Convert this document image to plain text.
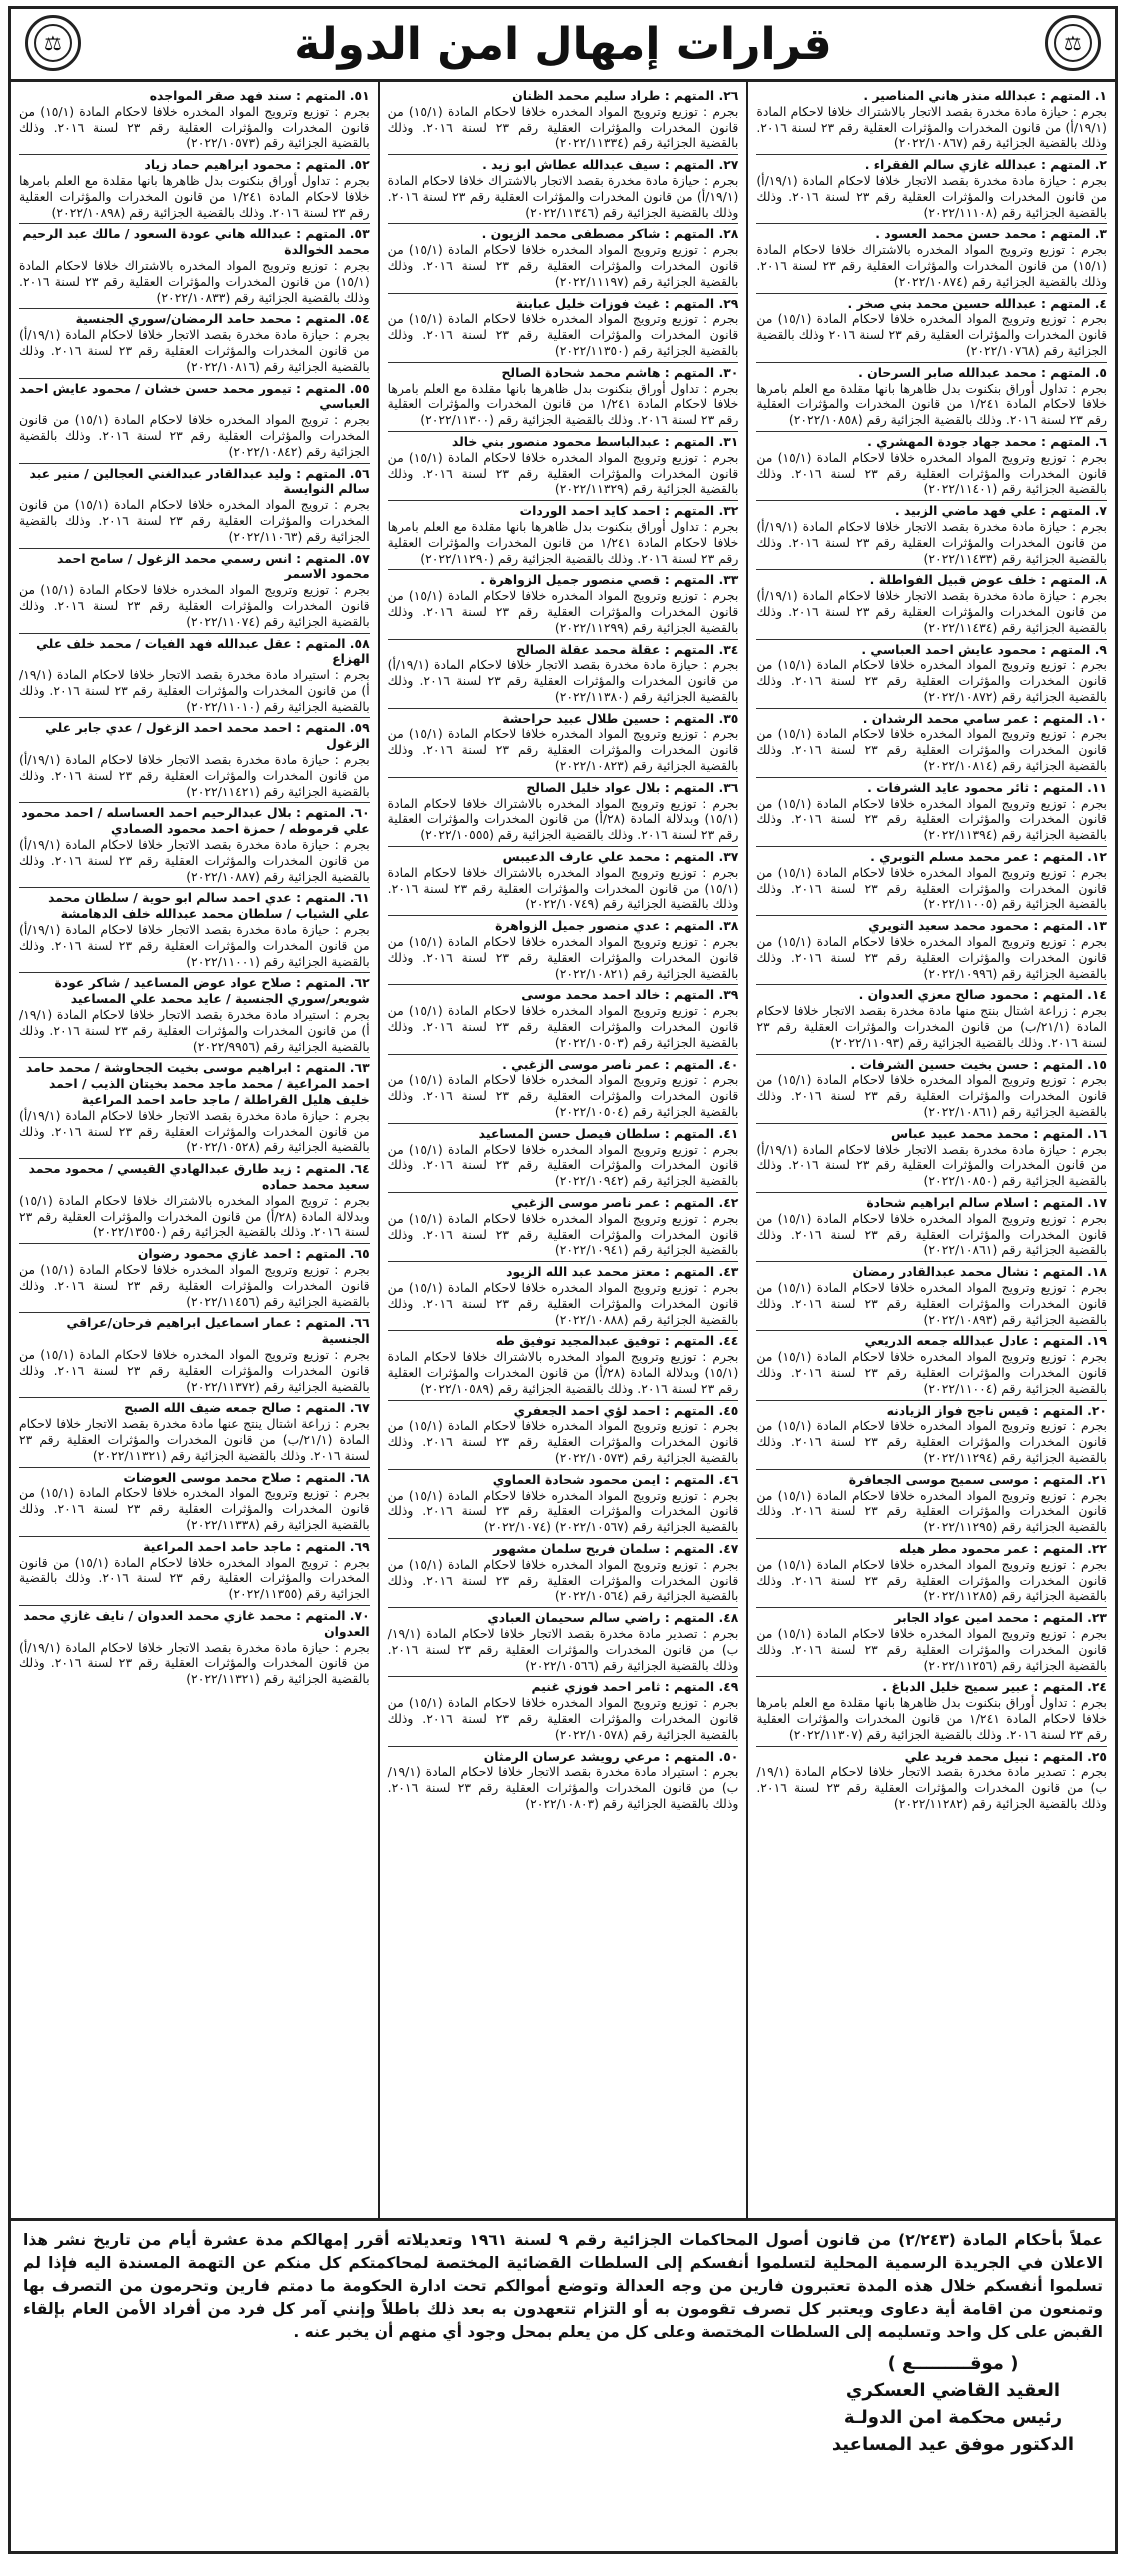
⚖
قرارات إمهال امن الدولة
⚖
١. المتهم : عبدالله منذر هاني المناصير .
بجرم : حيازة مادة مخدرة بقصد الاتجار بالاشتراك خلافا لاحكام المادة (١٩/١/أ) من قانون المخدرات والمؤثرات العقلية رقم ٢٣ لسنة ٢٠١٦. وذلك بالقضية الجزائية رقم (٢٠٢٢/١٠٨٦٧)
٢. المتهم : عبدالله غازي سالم الفقراء .
بجرم : حيازة مادة مخدرة بقصد الاتجار خلافا لاحكام المادة (١٩/١/أ) من قانون المخدرات والمؤثرات العقلية رقم ٢٣ لسنة ٢٠١٦. وذلك بالقضية الجزائية رقم (٢٠٢٢/١١١٠٨)
٣. المتهم : محمد حسن محمد العسود .
بجرم : توزيع وترويج المواد المخدره بالاشتراك خلافا لاحكام المادة (١٥/١) من قانون المخدرات والمؤثرات العقلية رقم ٢٣ لسنة ٢٠١٦. وذلك بالقضية الجزائية رقم (٢٠٢٢/١٠٨٧٤)
٤. المتهم : عبدالله حسين محمد بني صخر .
بجرم : توزيع وترويج المواد المخدره خلافا لاحكام المادة (١٥/١) من قانون المخدرات والمؤثرات العقلية رقم ٢٣ لسنة ٢٠١٦ وذلك بالقضية الجزائية رقم (٢٠٢٢/١٠٧٦٨)
٥. المتهم : محمد عبدالله صابر السرحان .
بجرم : تداول أوراق بنكنوت بدل ظاهرها بانها مقلدة مع العلم بامرها خلافا لاحكام المادة ١/٢٤١ من قانون المخدرات والمؤثرات العقلية رقم ٢٣ لسنة ٢٠١٦. وذلك بالقضية الجزائية رقم (٢٠٢٢/١٠٨٥٨)
٦. المتهم : محمد جهاد جودة المهشري .
بجرم : توزيع وترويج المواد المخدره خلافا لاحكام المادة (١٥/١) من قانون المخدرات والمؤثرات العقلية رقم ٢٣ لسنة ٢٠١٦. وذلك بالقضية الجزائية رقم (٢٠٢٢/١١٤٠١)
٧. المتهم : علي فهد ماضي الزبيد .
بجرم : حيازة مادة مخدرة بقصد الاتجار خلافا لاحكام المادة (١٩/١/أ) من قانون المخدرات والمؤثرات العقلية رقم ٢٣ لسنة ٢٠١٦. وذلك بالقضية الجزائية رقم (٢٠٢٢/١١٤٣٣)
٨. المتهم : خلف عوض قبيل الفواطلة .
بجرم : حيازة مادة مخدرة بقصد الاتجار خلافا لاحكام المادة (١٩/١/أ) من قانون المخدرات والمؤثرات العقلية رقم ٢٣ لسنة ٢٠١٦. وذلك بالقضية الجزائية رقم (٢٠٢٢/١١٤٣٤)
٩. المتهم : محمود عايش احمد العباسي .
بجرم : توزيع وترويج المواد المخدره خلافا لاحكام المادة (١٥/١) من قانون المخدرات والمؤثرات العقلية رقم ٢٣ لسنة ٢٠١٦. وذلك بالقضية الجزائية رقم (٢٠٢٢/١٠٨٧٢)
١٠. المتهم : عمر سامي محمد الرشدان .
بجرم : توزيع وترويج المواد المخدره خلافا لاحكام المادة (١٥/١) من قانون المخدرات والمؤثرات العقلية رقم ٢٣ لسنة ٢٠١٦. وذلك بالقضية الجزائية رقم (٢٠٢٢/١٠٨١٤)
١١. المتهم : ثائر محمود عايد الشرفات .
بجرم : توزيع وترويج المواد المخدره خلافا لاحكام المادة (١٥/١) من قانون المخدرات والمؤثرات العقلية رقم ٢٣ لسنة ٢٠١٦. وذلك بالقضية الجزائية رقم (٢٠٢٢/١١٣٩٤)
١٢. المتهم : عمر محمد مسلم التوبري .
بجرم : توزيع وترويج المواد المخدره خلافا لاحكام المادة (١٥/١) من قانون المخدرات والمؤثرات العقلية رقم ٢٣ لسنة ٢٠١٦. وذلك بالقضية الجزائية رقم (٢٠٢٢/١١٠٠٥)
١٣. المتهم : محمود محمد سعيد التويري
بجرم : توزيع وترويج المواد المخدره خلافا لاحكام المادة (١٥/١) من قانون المخدرات والمؤثرات العقلية رقم ٢٣ لسنة ٢٠١٦. وذلك بالقضية الجزائية رقم (٢٠٢٢/١٠٩٩٦)
١٤. المتهم : محمود صالح معزي العدوان .
بجرم : زراعة اشتال بنتج منها مادة مخدرة بقصد الاتجار خلافا لاحكام المادة (٢١/١/ب) من قانون المخدرات والمؤثرات العقلية رقم ٢٣ لسنة ٢٠١٦. وذلك بالقضية الجزائية رقم (٢٠٢٢/١١٠٩٣)
١٥. المتهم : حسن بخيت حسين الشرفات .
بجرم : توزيع وترويج المواد المخدره خلافا لاحكام المادة (١٥/١) من قانون المخدرات والمؤثرات العقلية رقم ٢٣ لسنة ٢٠١٦. وذلك بالقضية الجزائية رقم (٢٠٢٢/١٠٨٦١)
١٦. المتهم : محمد محمد عبيد عباس
بجرم : حيازة مادة مخدرة بقصد الاتجار خلافا لاحكام المادة (١٩/١/أ) من قانون المخدرات والمؤثرات العقلية رقم ٢٣ لسنة ٢٠١٦. وذلك بالقضية الجزائية رقم (٢٠٢٢/١٠٨٥٠)
١٧. المتهم : اسلام سالم ابراهيم شحادة
بجرم : توزيع وترويج المواد المخدره خلافا لاحكام المادة (١٥/١) من قانون المخدرات والمؤثرات العقلية رقم ٢٣ لسنة ٢٠١٦. وذلك بالقضية الجزائية رقم (٢٠٢٢/١٠٨٦١)
١٨. المتهم : نشال محمد عبدالقادر رمضان
بجرم : توزيع وترويج المواد المخدره خلافا لاحكام المادة (١٥/١) من قانون المخدرات والمؤثرات العقلية رقم ٢٣ لسنة ٢٠١٦. وذلك بالقضية الجزائية رقم (٢٠٢٢/١٠٨٩٣)
١٩. المتهم : عادل عبدالله جمعه الدريعي
بجرم : توزيع وترويج المواد المخدره خلافا لاحكام المادة (١٥/١) من قانون المخدرات والمؤثرات العقلية رقم ٢٣ لسنة ٢٠١٦. وذلك بالقضية الجزائية رقم (٢٠٢٢/١١٠٠٤)
٢٠. المتهم : قيس ناجح فواز الزيادنه
بجرم : توزيع وترويج المواد المخدره خلافا لاحكام المادة (١٥/١) من قانون المخدرات والمؤثرات العقلية رقم ٢٣ لسنة ٢٠١٦. وذلك بالقضية الجزائية رقم (٢٠٢٢/١١٢٩٤)
٢١. المتهم : موسى سميح موسى الجعافرة
بجرم : توزيع وترويج المواد المخدره خلافا لاحكام المادة (١٥/١) من قانون المخدرات والمؤثرات العقلية رقم ٢٣ لسنة ٢٠١٦. وذلك بالقضية الجزائية رقم (٢٠٢٢/١١٢٩٥)
٢٢. المتهم : عمر محمود مطر هيله
بجرم : توزيع وترويج المواد المخدره خلافا لاحكام المادة (١٥/١) من قانون المخدرات والمؤثرات العقلية رقم ٢٣ لسنة ٢٠١٦. وذلك بالقضية الجزائية رقم (٢٠٢٢/١١٢٨٥)
٢٣. المتهم : محمد امين عواد الجابر
بجرم : توزيع وترويج المواد المخدره خلافا لاحكام المادة (١٥/١) من قانون المخدرات والمؤثرات العقلية رقم ٢٣ لسنة ٢٠١٦. وذلك بالقضية الجزائية رقم (٢٠٢٢/١١٢٥٦)
٢٤. المتهم : عبير سميح خليل الدباغ .
بجرم : تداول أوراق بنكنوت بدل ظاهرها بانها مقلدة مع العلم بامرها خلافا لاحكام المادة ١/٢٤١ من قانون المخدرات والمؤثرات العقلية رقم ٢٣ لسنة ٢٠١٦. وذلك بالقضية الجزائية رقم (٢٠٢٢/١١٣٠٧)
٢٥. المتهم : نبيل محمد فريد علي
بجرم : تصدير مادة مخدرة بقصد الاتجار خلافا لاحكام المادة (١٩/١/ب) من قانون المخدرات والمؤثرات العقلية رقم ٢٣ لسنة ٢٠١٦. وذلك بالقضية الجزائية رقم (٢٠٢٢/١١٢٨٢)
٢٦. المتهم : طراد سليم محمد الظنان
بجرم : توزيع وترويج المواد المخدره خلافا لاحكام المادة (١٥/١) من قانون المخدرات والمؤثرات العقلية رقم ٢٣ لسنة ٢٠١٦. وذلك بالقضية الجزائية رقم (٢٠٢٢/١١٣٣٤)
٢٧. المتهم : سيف عبدالله عطاش ابو زيد .
بجرم : حيازة مادة مخدرة بقصد الاتجار بالاشتراك خلافا لاحكام المادة (١٩/١/أ) من قانون المخدرات والمؤثرات العقلية رقم ٢٣ لسنة ٢٠١٦. وذلك بالقضية الجزائية رقم (٢٠٢٢/١١٣٤٦)
٢٨. المتهم : شاكر مصطفى محمد الزيون .
بجرم : توزيع وترويج المواد المخدره خلافا لاحكام المادة (١٥/١) من قانون المخدرات والمؤثرات العقلية رقم ٢٣ لسنة ٢٠١٦. وذلك بالقضية الجزائية رقم (٢٠٢٢/١١١٩٧)
٢٩. المتهم : غيث فوزات خليل عبابنة
بجرم : توزيع وترويج المواد المخدره خلافا لاحكام المادة (١٥/١) من قانون المخدرات والمؤثرات العقلية رقم ٢٣ لسنة ٢٠١٦. وذلك بالقضية الجزائية رقم (٢٠٢٢/١١٣٥٠)
٣٠. المتهم : هاشم محمد شحادة الصالح
بجرم : تداول أوراق بنكنوت بدل ظاهرها بانها مقلدة مع العلم بامرها خلافا لاحكام المادة ١/٢٤١ من قانون المخدرات والمؤثرات العقلية رقم ٢٣ لسنة ٢٠١٦. وذلك بالقضية الجزائية رقم (٢٠٢٢/١١٣٠٠)
٣١. المتهم : عبدالباسط محمود منصور بني خالد
بجرم : توزيع وترويج المواد المخدره خلافا لاحكام المادة (١٥/١) من قانون المخدرات والمؤثرات العقلية رقم ٢٣ لسنة ٢٠١٦. وذلك بالقضية الجزائية رقم (٢٠٢٢/١١٣٢٩)
٣٢. المتهم : احمد كايد احمد الوردات
بجرم : تداول أوراق بنكنوت بدل ظاهرها بانها مقلدة مع العلم بامرها خلافا لاحكام المادة ١/٢٤١ من قانون المخدرات والمؤثرات العقلية رقم ٢٣ لسنة ٢٠١٦. وذلك بالقضية الجزائية رقم (٢٠٢٢/١١٢٩٠)
٣٣. المتهم : قصي منصور جميل الزواهرة .
بجرم : توزيع وترويج المواد المخدره خلافا لاحكام المادة (١٥/١) من قانون المخدرات والمؤثرات العقلية رقم ٢٣ لسنة ٢٠١٦. وذلك بالقضية الجزائية رقم (٢٠٢٢/١١٢٩٩)
٣٤. المتهم : عقلة محمد عقلة الصالح
بجرم : حيازة مادة مخدرة بقصد الاتجار خلافا لاحكام المادة (١٩/١/أ) من قانون المخدرات والمؤثرات العقلية رقم ٢٣ لسنة ٢٠١٦. وذلك بالقضية الجزائية رقم (٢٠٢٢/١١٣٨٠)
٣٥. المتهم : حسين طلال عبيد حراحشة
بجرم : توزيع وترويج المواد المخدره خلافا لاحكام المادة (١٥/١) من قانون المخدرات والمؤثرات العقلية رقم ٢٣ لسنة ٢٠١٦. وذلك بالقضية الجزائية رقم (٢٠٢٢/١٠٨٢٣)
٣٦. المتهم : بلال عواد خليل الصالح
بجرم : توزيع وترويج المواد المخدره بالاشتراك خلافا لاحكام المادة (١٥/١) وبدلالة المادة (٢٨/أ) من قانون المخدرات والمؤثرات العقلية رقم ٢٣ لسنة ٢٠١٦. وذلك بالقضية الجزائية رقم (٢٠٢٢/١٠٥٥٥)
٣٧. المتهم : محمد علي عارف الدعيبس
بجرم : توزيع وترويج المواد المخدره بالاشتراك خلافا لاحكام المادة (١٥/١) من قانون المخدرات والمؤثرات العقلية رقم ٢٣ لسنة ٢٠١٦. وذلك بالقضية الجزائية رقم (٢٠٢٢/١٠٧٤٩)
٣٨. المتهم : عدي منصور جميل الزواهرة
بجرم : توزيع وترويج المواد المخدره خلافا لاحكام المادة (١٥/١) من قانون المخدرات والمؤثرات العقلية رقم ٢٣ لسنة ٢٠١٦. وذلك بالقضية الجزائية رقم (٢٠٢٢/١٠٨٢١)
٣٩. المتهم : خالد احمد محمد موسى
بجرم : توزيع وترويج المواد المخدره خلافا لاحكام المادة (١٥/١) من قانون المخدرات والمؤثرات العقلية رقم ٢٣ لسنة ٢٠١٦. وذلك بالقضية الجزائية رقم (٢٠٢٢/١٠٥٠٣)
٤٠. المتهم : عمر ناصر موسى الزغبي .
بجرم : توزيع وترويج المواد المخدره خلافا لاحكام المادة (١٥/١) من قانون المخدرات والمؤثرات العقلية رقم ٢٣ لسنة ٢٠١٦. وذلك بالقضية الجزائية رقم (٢٠٢٢/١٠٥٠٤)
٤١. المتهم : سلطان فيصل حسن المساعيد
بجرم : توزيع وترويج المواد المخدره خلافا لاحكام المادة (١٥/١) من قانون المخدرات والمؤثرات العقلية رقم ٢٣ لسنة ٢٠١٦. وذلك بالقضية الجزائية رقم (٢٠٢٢/١٠٩٤٢)
٤٢. المتهم : عمر ناصر موسى الزغبي
بجرم : توزيع وترويج المواد المخدره خلافا لاحكام المادة (١٥/١) من قانون المخدرات والمؤثرات العقلية رقم ٢٣ لسنة ٢٠١٦. وذلك بالقضية الجزائية رقم (٢٠٢٢/١٠٩٤١)
٤٣. المتهم : معتز محمد عبد الله الزيود
بجرم : توزيع وترويج المواد المخدره خلافا لاحكام المادة (١٥/١) من قانون المخدرات والمؤثرات العقلية رقم ٢٣ لسنة ٢٠١٦. وذلك بالقضية الجزائية رقم (٢٠٢٢/١٠٨٨٨)
٤٤. المتهم : توفيق عبدالمجيد توفيق طه
بجرم : توزيع وترويج المواد المخدره بالاشتراك خلافا لاحكام المادة (١٥/١) وبدلالة المادة (٢٨/أ) من قانون المخدرات والمؤثرات العقلية رقم ٢٣ لسنة ٢٠١٦. وذلك بالقضية الجزائية رقم (٢٠٢٢/١٠٥٨٩)
٤٥. المتهم : احمد لؤي احمد الجعفري
بجرم : توزيع وترويج المواد المخدره خلافا لاحكام المادة (١٥/١) من قانون المخدرات والمؤثرات العقلية رقم ٢٣ لسنة ٢٠١٦. وذلك بالقضية الجزائية رقم (٢٠٢٢/١٠٥٧٣)
٤٦. المتهم : ايمن محمود شحادة العماوي
بجرم : توزيع وترويج المواد المخدره خلافا لاحكام المادة (١٥/١) من قانون المخدرات والمؤثرات العقلية رقم ٢٣ لسنة ٢٠١٦. وذلك بالقضية الجزائية رقم (٢٠٢٢/١٠٥٦٧) (٢٠٢٢/١٠٧٤)
٤٧. المتهم : سلمان فريح سلمان مشهور
بجرم : توزيع وترويج المواد المخدره خلافا لاحكام المادة (١٥/١) من قانون المخدرات والمؤثرات العقلية رقم ٢٣ لسنة ٢٠١٦. وذلك بالقضية الجزائية رقم (٢٠٢٢/١٠٥٦٤)
٤٨. المتهم : راضي سالم سحيمان العبادي
بجرم : تصدير مادة مخدرة بقصد الاتجار خلافا لاحكام المادة (١٩/١/ب) من قانون المخدرات والمؤثرات العقلية رقم ٢٣ لسنة ٢٠١٦. وذلك بالقضية الجزائية رقم (٢٠٢٢/١٠٥٦٦)
٤٩. المتهم : ثامر احمد فوزي غنيم
بجرم : توزيع وترويج المواد المخدره خلافا لاحكام المادة (١٥/١) من قانون المخدرات والمؤثرات العقلية رقم ٢٣ لسنة ٢٠١٦. وذلك بالقضية الجزائية رقم (٢٠٢٢/١٠٥٧٨)
٥٠. المتهم : مرعي رويشد عرسان الرمثان
بجرم : استيراد مادة مخدرة بقصد الاتجار خلافا لاحكام المادة (١٩/١/ب) من قانون المخدرات والمؤثرات العقلية رقم ٢٣ لسنة ٢٠١٦. وذلك بالقضية الجزائية رقم (٢٠٢٢/١٠٨٠٣)
٥١. المتهم : سند فهد صقر المواجده
بجرم : توزيع وترويج المواد المخدره خلافا لاحكام المادة (١٥/١) من قانون المخدرات والمؤثرات العقلية رقم ٢٣ لسنة ٢٠١٦. وذلك بالقضية الجزائية رقم (٢٠٢٢/١٠٥٧٣)
٥٢. المتهم : محمود ابراهيم حماد زياد
بجرم : تداول أوراق بنكنوت بدل ظاهرها بانها مقلدة مع العلم بامرها خلافا لاحكام المادة ١/٢٤١ من قانون المخدرات والمؤثرات العقلية رقم ٢٣ لسنة ٢٠١٦. وذلك بالقضية الجزائية رقم (٢٠٢٢/١٠٨٩٨)
٥٣. المتهم : عبدالله هاني عودة السعود / مالك عبد الرحيم محمد الخوالدة
بجرم : توزيع وترويج المواد المخدره بالاشتراك خلافا لاحكام المادة (١٥/١) من قانون المخدرات والمؤثرات العقلية رقم ٢٣ لسنة ٢٠١٦. وذلك بالقضية الجزائية رقم (٢٠٢٢/١٠٨٣٣)
٥٤. المتهم : محمد حامد الرمضان/سوري الجنسية
بجرم : حيازة مادة مخدرة بقصد الاتجار خلافا لاحكام المادة (١٩/١/أ) من قانون المخدرات والمؤثرات العقلية رقم ٢٣ لسنة ٢٠١٦. وذلك بالقضية الجزائية رقم (٢٠٢٢/١٠٨١٦)
٥٥. المتهم : تيمور محمد حسن خشان / محمود عايش احمد العباسي
بجرم : ترويج المواد المخدره خلافا لاحكام المادة (١٥/١) من قانون المخدرات والمؤثرات العقلية رقم ٢٣ لسنة ٢٠١٦. وذلك بالقضية الجزائية رقم (٢٠٢٢/١٠٨٤٢)
٥٦. المتهم : وليد عبدالقادر عبدالغني العجالين / منير عبد سالم النوايسة
بجرم : ترويج المواد المخدره خلافا لاحكام المادة (١٥/١) من قانون المخدرات والمؤثرات العقلية رقم ٢٣ لسنة ٢٠١٦. وذلك بالقضية الجزائية رقم (٢٠٢٢/١١٠٦٣)
٥٧. المتهم : انس رسمي محمد الزغول / سامح احمد محمود الاسمر
بجرم : توزيع وترويج المواد المخدره خلافا لاحكام المادة (١٥/١) من قانون المخدرات والمؤثرات العقلية رقم ٢٣ لسنة ٢٠١٦. وذلك بالقضية الجزائية رقم (٢٠٢٢/١١٠٧٤)
٥٨. المتهم : عقل عبدالله فهد الفيات / محمد خلف علي الهزاع
بجرم : استيراد مادة مخدرة بقصد الاتجار خلافا لاحكام المادة (١٩/١/أ) من قانون المخدرات والمؤثرات العقلية رقم ٢٣ لسنة ٢٠١٦. وذلك بالقضية الجزائية رقم (٢٠٢٢/١١٠١٠)
٥٩. المتهم : احمد محمد احمد الزغول / عدي جابر علي الزغول
بجرم : حيازة مادة مخدرة بقصد الاتجار خلافا لاحكام المادة (١٩/١/أ) من قانون المخدرات والمؤثرات العقلية رقم ٢٣ لسنة ٢٠١٦. وذلك بالقضية الجزائية رقم (٢٠٢٢/١١٤٢١)
٦٠. المتهم : بلال عبدالرحيم احمد العساسله / احمد محمود علي قرموطه / حمزة احمد محمود الصمادي
بجرم : حيازة مادة مخدرة بقصد الاتجار خلافا لاحكام المادة (١٩/١/أ) من قانون المخدرات والمؤثرات العقلية رقم ٢٣ لسنة ٢٠١٦. وذلك بالقضية الجزائية رقم (٢٠٢٢/١٠٨٨٧)
٦١. المتهم : عدي احمد سالم ابو حوية / سلطان محمد علي الشياب / سلطان محمد عبدالله خلف الدهامشة
بجرم : حيازة مادة مخدرة بقصد الاتجار خلافا لاحكام المادة (١٩/١/أ) من قانون المخدرات والمؤثرات العقلية رقم ٢٣ لسنة ٢٠١٦. وذلك بالقضية الجزائية رقم (٢٠٢٢/١١٠٠١)
٦٢. المتهم : صلاح عواد عوض المساعيد / شاكر عودة شويعر/سوري الجنسية / عايد محمد علي المساعيد
بجرم : استيراد مادة مخدرة بقصد الاتجار خلافا لاحكام المادة (١٩/١/أ) من قانون المخدرات والمؤثرات العقلية رقم ٢٣ لسنة ٢٠١٦. وذلك بالقضية الجزائية رقم (٢٠٢٢/٩٩٥٦)
٦٣. المتهم : ابراهيم موسى بخيت الجحاوشة / محمد حامد احمد المراعية / محمد ماجد محمد بخيتان الذيب / احمد خليف هليل القراطلة / ماجد حامد احمد المراعية
بجرم : حيازة مادة مخدرة بقصد الاتجار خلافا لاحكام المادة (١٩/١/أ) من قانون المخدرات والمؤثرات العقلية رقم ٢٣ لسنة ٢٠١٦. وذلك بالقضية الجزائية رقم (٢٠٢٢/١٠٥٢٨)
٦٤. المتهم : زيد طارق عبدالهادي القيسي / محمود محمد سعيد محمد حماده
بجرم : ترويج المواد المخدره بالاشتراك خلافا لاحكام المادة (١٥/١) وبدلالة المادة (٢٨/أ) من قانون المخدرات والمؤثرات العقلية رقم ٢٣ لسنة ٢٠١٦. وذلك بالقضية الجزائية رقم (٢٠٢٢/١٣٥٥٠)
٦٥. المتهم : احمد غازي محمود رضوان
بجرم : توزيع وترويج المواد المخدره خلافا لاحكام المادة (١٥/١) من قانون المخدرات والمؤثرات العقلية رقم ٢٣ لسنة ٢٠١٦. وذلك بالقضية الجزائية رقم (٢٠٢٢/١١٤٥٦)
٦٦. المتهم : عمار اسماعيل ابراهيم فرحان/عراقي الجنسية
بجرم : توزيع وترويج المواد المخدره خلافا لاحكام المادة (١٥/١) من قانون المخدرات والمؤثرات العقلية رقم ٢٣ لسنة ٢٠١٦. وذلك بالقضية الجزائية رقم (٢٠٢٢/١١٣٧٢)
٦٧. المتهم : صالح جمعه ضيف الله الصبح
بجرم : زراعة اشتال ينتج عنها مادة مخدرة بقصد الاتجار خلافا لاحكام المادة (٢١/١/ب) من قانون المخدرات والمؤثرات العقلية رقم ٢٣ لسنة ٢٠١٦. وذلك بالقضية الجزائية رقم (٢٠٢٢/١١٣٢١)
٦٨. المتهم : صلاح محمد موسى العوضات
بجرم : توزيع وترويج المواد المخدره خلافا لاحكام المادة (١٥/١) من قانون المخدرات والمؤثرات العقلية رقم ٢٣ لسنة ٢٠١٦. وذلك بالقضية الجزائية رقم (٢٠٢٢/١١٣٣٨)
٦٩. المتهم : ماجد حامد احمد المراعية
بجرم : ترويج المواد المخدره خلافا لاحكام المادة (١٥/١) من قانون المخدرات والمؤثرات العقلية رقم ٢٣ لسنة ٢٠١٦. وذلك بالقضية الجزائية رقم (٢٠٢٢/١١٣٥٥)
٧٠. المتهم : محمد غازي محمد العدوان / نايف غازي محمد العدوان
بجرم : حيازة مادة مخدرة بقصد الاتجار خلافا لاحكام المادة (١٩/١/أ) من قانون المخدرات والمؤثرات العقلية رقم ٢٣ لسنة ٢٠١٦. وذلك بالقضية الجزائية رقم (٢٠٢٢/١١٣٢١)
عملاً بأحكام المادة (٢/٢٤٣) من قانون أصول المحاكمات الجزائية رقم ٩ لسنة ١٩٦١ وتعديلاته أقرر إمهالكم مدة عشرة أيام من تاريخ نشر هذا الاعلان في الجريدة الرسمية المحلية لتسلموا أنفسكم إلى السلطات القضائية المختصة لمحاكمتكم كل منكم عن التهمة المسندة اليه فإذا لم تسلموا أنفسكم خلال هذه المدة تعتبرون فارين من وجه العدالة وتوضع أموالكم تحت ادارة الحكومة ما دمتم فارين وتحرمون من التصرف بها وتمنعون من اقامة أية دعاوى ويعتبر كل تصرف تقومون به أو التزام تتعهدون به بعد ذلك باطلاً وإنني آمر كل فرد من أفراد الأمن العام بإلقاء القبض على كل واحد وتسليمه إلى السلطات المختصة وعلى كل من يعلم بمحل وجود أي منهم أن يخبر عنه .
( موقـــــــــع )
العقيد القاضي العسكري
رئيس محكمة امن الدولـة
الدكتور موفق عيد المساعيد
